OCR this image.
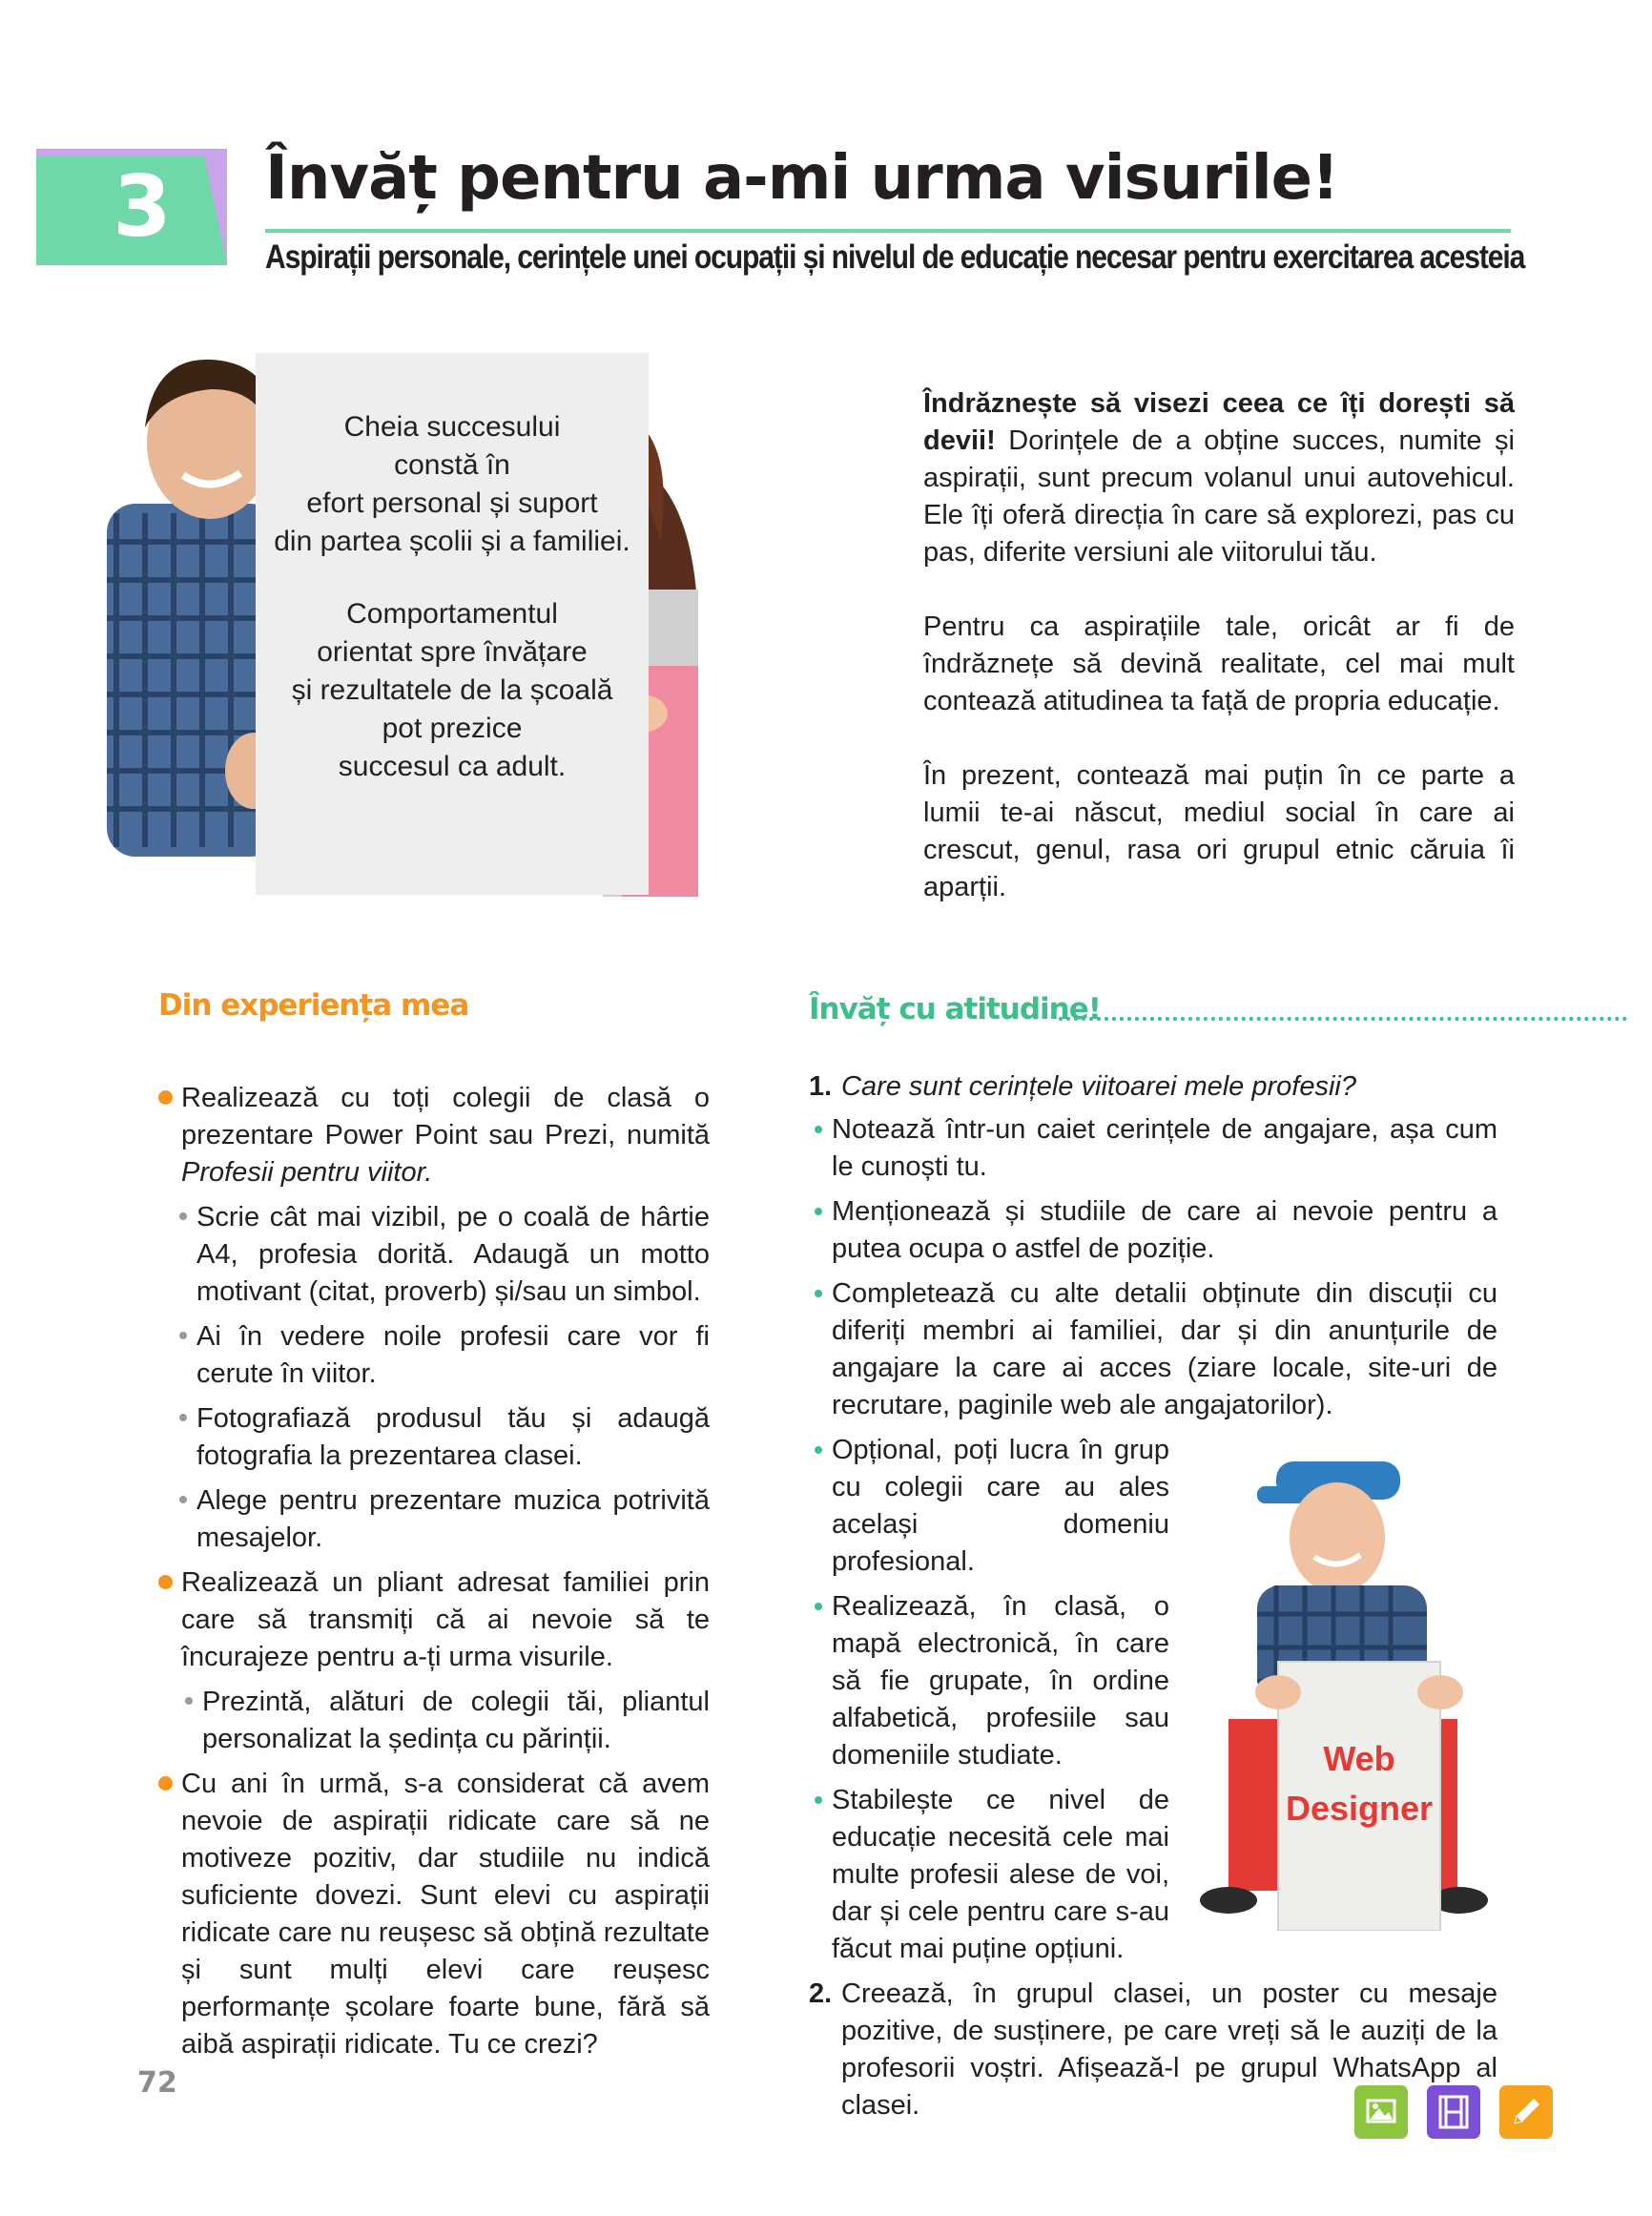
3	Învăț pentru a-mi urma visurile!
Aspirații personale, cerințele unei ocupații și nivelul de educație necesar pentru exercitarea acesteia
Cheia succesului
constă în
efort personal și suport
din partea școlii și a familiei.
Comportamentul
orientat spre învățare
și rezultatele de la școală
pot prezice
succesul ca adult.

Îndrăznește să visezi ceea ce îți dorești să devii! Dorințele de a obține succes, numite și aspirații, sunt precum volanul unui autovehicul. Ele îți oferă direcția în care să explorezi, pas cu pas, diferite versiuni ale viitorului tău.

Pentru ca aspirațiile tale, oricât ar fi de îndrăznețe să devină realitate, cel mai mult contează atitudinea ta față de propria educație.

În prezent, contează mai puțin în ce parte a lumii te-ai născut, mediul social în care ai crescut, genul, rasa ori grupul etnic căruia îi aparții.

Din experiența mea
Realizează cu toți colegii de clasă o prezentare Power Point sau Prezi, numită Profesii pentru viitor.
Scrie cât mai vizibil, pe o coală de hârtie A4, profesia dorită. Adaugă un motto motivant (citat, proverb) și/sau un simbol.
Ai în vedere noile profesii care vor fi cerute în viitor.
Fotografiază produsul tău și adaugă fotografia la prezentarea clasei.
Alege pentru prezentare muzica potrivită mesajelor.
Realizează un pliant adresat familiei prin care să transmiți că ai nevoie să te încurajeze pentru a-ți urma visurile.
Prezintă, alături de colegii tăi, pliantul personalizat la ședința cu părinții.
Cu ani în urmă, s-a considerat că avem nevoie de aspirații ridicate care să ne motiveze pozitiv, dar studiile nu indică suficiente dovezi. Sunt elevi cu aspirații ridicate care nu reușesc să obțină rezultate și sunt mulți elevi care reușesc performanțe școlare foarte bune, fără să aibă aspirații ridicate. Tu ce crezi?
Învăț cu atitudine!
1. Care sunt cerințele viitoarei mele profesii?
Notează într-un caiet cerințele de angajare, așa cum le cunoști tu.
Menționează și studiile de care ai nevoie pentru a putea ocupa o astfel de poziție.
Completează cu alte detalii obținute din discuții cu diferiți membri ai familiei, dar și din anunțurile de angajare la care ai acces (ziare locale, site-uri de recrutare, paginile web ale angajatorilor).
Opțional, poți lucra în grup cu colegii care au ales același domeniu profesional.
Realizează, în clasă, o mapă electronică, în care să fie grupate, în ordine alfabetică, profesiile sau domeniile studiate.
Stabilește ce nivel de educație necesită cele mai multe profesii alese de voi, dar și cele pentru care s-au făcut mai puține opțiuni.
2. Creează, în grupul clasei, un poster cu mesaje pozitive, de susținere, pe care vreți să le auziți de la profesorii voștri. Afișează-l pe grupul WhatsApp al clasei.
Web
Designer
72
